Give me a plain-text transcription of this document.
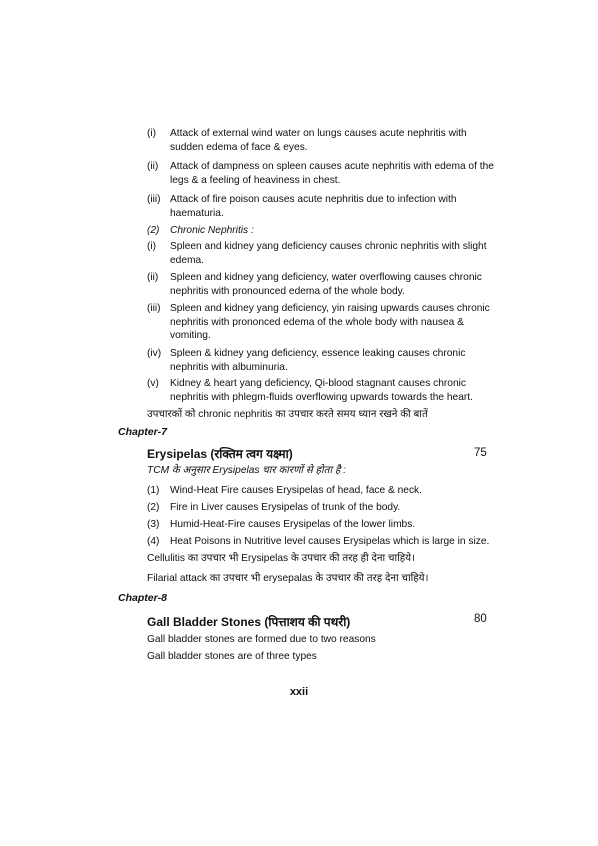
(i) Attack of external wind water on lungs causes acute nephritis with sudden edema of face & eyes.
(ii) Attack of dampness on spleen causes acute nephritis with edema of the legs & a feeling of heaviness in chest.
(iii) Attack of fire poison causes acute nephritis due to infection with haematuria.
(2) Chronic Nephritis :
(i) Spleen and kidney yang deficiency causes chronic nephritis with slight edema.
(ii) Spleen and kidney yang deficiency, water overflowing causes chronic nephritis with pronounced edema of the whole body.
(iii) Spleen and kidney yang deficiency, yin raising upwards causes chronic nephritis with prononced edema of the whole body with nausea & vomiting.
(iv) Spleen & kidney yang deficiency, essence leaking causes chronic nephritis with albuminuria.
(v) Kidney & heart yang deficiency, Qi-blood stagnant causes chronic nephritis with phlegm-fluids overflowing upwards towards the heart.
उपचारकों को chronic nephritis का उपचार करते समय ध्यान रखने की बातें
Chapter-7
Erysipelas (रक्तिम त्वग यक्ष्मा)	75
TCM के अनुसार Erysipelas चार कारणों से होता है :
(1) Wind-Heat Fire causes Erysipelas of head, face & neck.
(2) Fire in Liver causes Erysipelas of trunk of the body.
(3) Humid-Heat-Fire causes Erysipelas of the lower limbs.
(4) Heat Poisons in Nutritive level causes Erysipelas which is large in size.
Cellulitis का उपचार भी Erysipelas के उपचार की तरह ही देना चाहिये।
Filarial attack का उपचार भी erysepalas के उपचार की तरह देना चाहिये।
Chapter-8
Gall Bladder Stones (पित्ताशय की पथरी)	80
Gall bladder stones are formed due to two reasons
Gall bladder stones are of three types
xxii
